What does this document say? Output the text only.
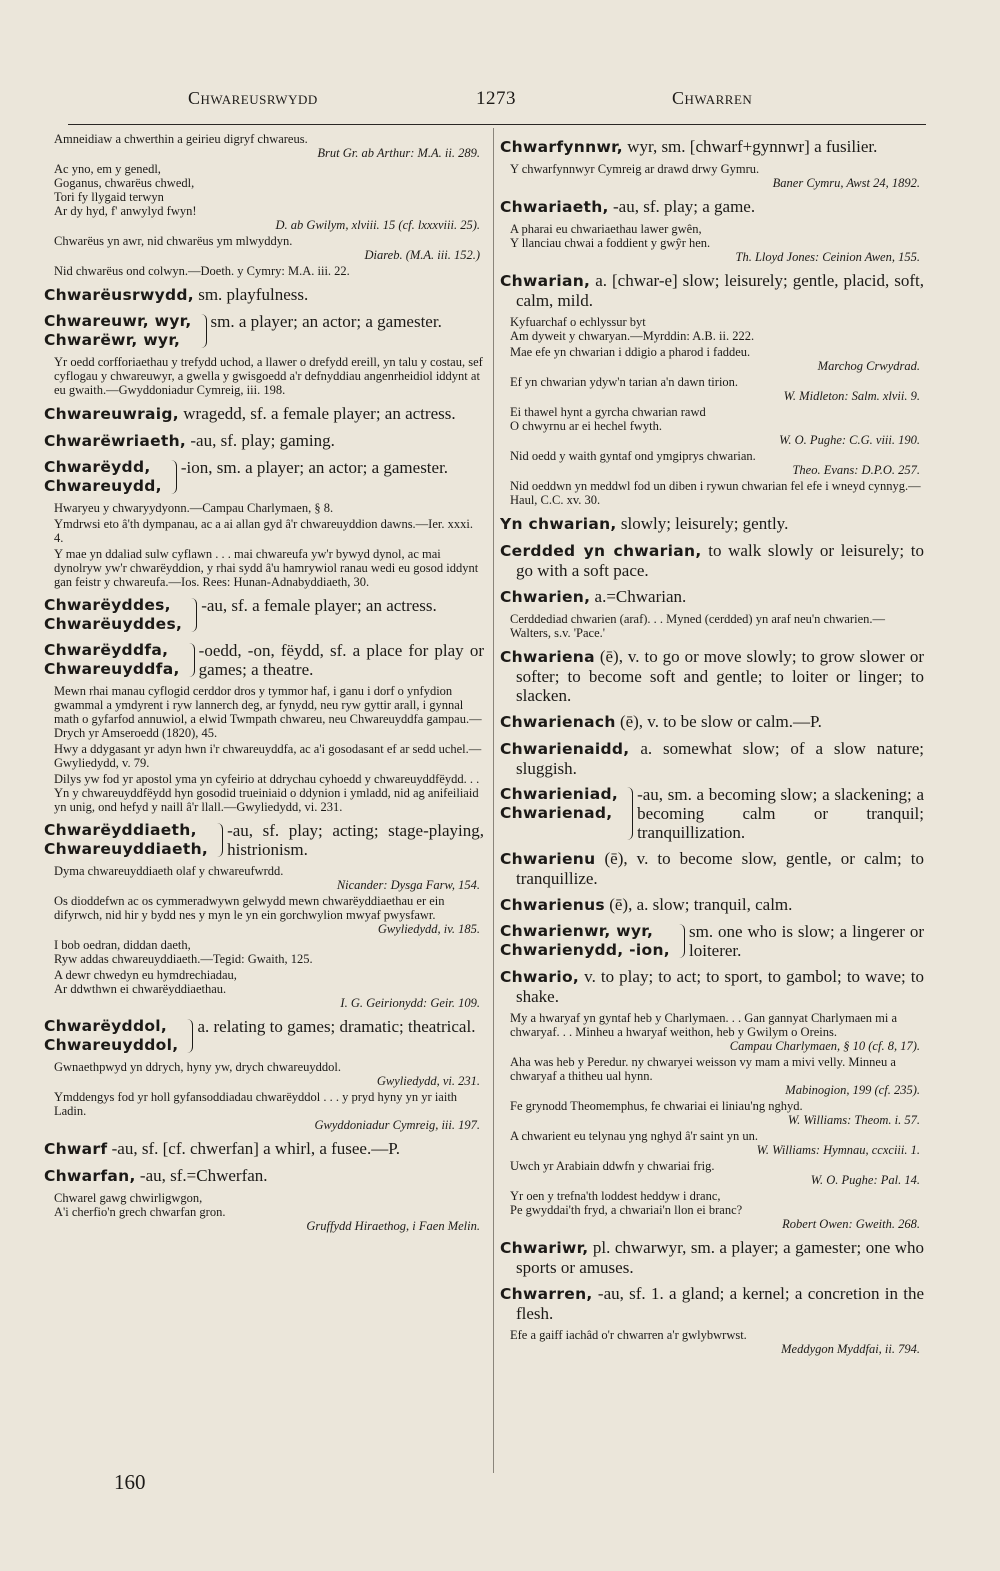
Chwareusrwydd	1273	Chwarren
Amneidiaw a chwerthin a geirieu digryf chwareus.
Brut Gr. ab Arthur: M.A. ii. 289.
Ac yno, em y genedl,
Goganus, chwarëus chwedl,
Tori fy llygaid terwyn
Ar dy hyd, f' anwylyd fwyn!
D. ab Gwilym, xlviii. 15 (cf. lxxxviii. 25).
Chwarëus yn awr, nid chwarëus ym mlwyddyn.
Diareb. (M.A. iii. 152.)
Nid chwarëus ond colwyn.—Doeth. y Cymry: M.A. iii. 22.
Chwarëusrwydd, sm. playfulness.
Chwareuwr, wyr,
Chwarëwr, wyr,
sm. a player; an actor; a gamester.
Yr oedd corfforiaethau y trefydd uchod, a llawer o drefydd ereill, yn talu y costau, sef cyflogau y chwareuwyr, a gwella y gwisgoedd a'r defnyddiau angenrheidiol iddynt at eu gwaith.—Gwyddoniadur Cymreig, iii. 198.
Chwareuwraig, wragedd, sf. a female player; an actress.
Chwarëwriaeth, -au, sf. play; gaming.
Chwarëydd,
Chwareuydd,
-ion, sm. a player; an actor; a gamester.
Hwaryeu y chwaryydyonn.—Campau Charlymaen, § 8.
Ymdrwsi eto â'th dympanau, ac a ai allan gyd â'r chwareuyddion dawns.—Ier. xxxi. 4.
Y mae yn ddaliad sulw cyflawn . . . mai chwareufa yw'r bywyd dynol, ac mai dynolryw yw'r chwarëyddion, y rhai sydd â'u hamrywiol ranau wedi eu gosod iddynt gan feistr y chwareufa.—Ios. Rees: Hunan-Adnabyddiaeth, 30.
Chwarëyddes,
Chwarëuyddes,
-au, sf. a female player; an actress.
Chwarëyddfa,
Chwareuyddfa,
-oedd, -on, fëydd, sf. a place for play or games; a theatre.
Mewn rhai manau cyflogid cerddor dros y tymmor haf, i ganu i dorf o ynfydion gwammal a ymdyrent i ryw lannerch deg, ar fynydd, neu ryw gyttir arall, i gynnal math o gyfarfod annuwiol, a elwid Twmpath chwareu, neu Chwareuyddfa gampau.—Drych yr Amseroedd (1820), 45.
Hwy a ddygasant yr adyn hwn i'r chwareuyddfa, ac a'i gosodasant ef ar sedd uchel.—Gwyliedydd, v. 79.
Dilys yw fod yr apostol yma yn cyfeirio at ddrychau cyhoedd y chwareuyddfëydd. . . Yn y chwareuyddfëydd hyn gosodid trueiniaid o ddynion i ymladd, nid ag anifeiliaid yn unig, ond hefyd y naill â'r llall.—Gwyliedydd, vi. 231.
Chwarëyddiaeth,
Chwareuyddiaeth,
-au, sf. play; acting; stage-playing, histrionism.
Dyma chwareuyddiaeth olaf y chwareufwrdd.
Nicander: Dysga Farw, 154.
Os dioddefwn ac os cymmeradwywn gelwydd mewn chwarëyddiaethau er ein difyrwch, nid hir y bydd nes y myn le yn ein gorchwylion mwyaf pwysfawr.
Gwyliedydd, iv. 185.
I bob oedran, diddan daeth,
Ryw addas chwareuyddiaeth.—Tegid: Gwaith, 125.
A dewr chwedyn eu hymdrechiadau,
Ar ddwthwn ei chwarëyddiaethau.
I. G. Geirionydd: Geir. 109.
Chwarëyddol,
Chwareuyddol,
a. relating to games; dramatic; theatrical.
Gwnaethpwyd yn ddrych, hyny yw, drych chwareuyddol.
Gwyliedydd, vi. 231.
Ymddengys fod yr holl gyfansoddiadau chwarëyddol . . . y pryd hyny yn yr iaith Ladin.
Gwyddoniadur Cymreig, iii. 197.
Chwarf -au, sf. [cf. chwerfan] a whirl, a fusee.—P.
Chwarfan, -au, sf.=Chwerfan.
Chwarel gawg chwirligwgon,
A'i cherfio'n grech chwarfan gron.
Gruffydd Hiraethog, i Faen Melin.
Chwarfynnwr, wyr, sm. [chwarf+gynnwr] a fusilier.
Y chwarfynnwyr Cymreig ar drawd drwy Gymru.
Baner Cymru, Awst 24, 1892.
Chwariaeth, -au, sf. play; a game.
A pharai eu chwariaethau lawer gwên,
Y llanciau chwai a foddient y gwŷr hen.
Th. Lloyd Jones: Ceinion Awen, 155.
Chwarian, a. [chwar-e] slow; leisurely; gentle, placid, soft, calm, mild.
Kyfuarchaf o echlyssur byt
Am dyweit y chwaryan.—Myrddin: A.B. ii. 222.
Mae efe yn chwarian i ddigio a pharod i faddeu.
Marchog Crwydrad.
Ef yn chwarian ydyw'n tarian a'n dawn tirion.
W. Midleton: Salm. xlvii. 9.
Ei thawel hynt a gyrcha chwarian rawd
O chwyrnu ar ei hechel fwyth.
W. O. Pughe: C.G. viii. 190.
Nid oedd y waith gyntaf ond ymgiprys chwarian.
Theo. Evans: D.P.O. 257.
Nid oeddwn yn meddwl fod un diben i rywun chwarian fel efe i wneyd cynnyg.—Haul, C.C. xv. 30.
Yn chwarian, slowly; leisurely; gently.
Cerdded yn chwarian, to walk slowly or leisurely; to go with a soft pace.
Chwarien, a.=Chwarian.
Cerddediad chwarien (araf). . . Myned (cerdded) yn araf neu'n chwarien.—Walters, s.v. 'Pace.'
Chwariena (ē), v. to go or move slowly; to grow slower or softer; to become soft and gentle; to loiter or linger; to slacken.
Chwarienach (ē), v. to be slow or calm.—P.
Chwarienaidd, a. somewhat slow; of a slow nature; sluggish.
Chwarieniad,
Chwarienad,
-au, sm. a becoming slow; a slackening; a becoming calm or tranquil; tranquillization.
Chwarienu (ē), v. to become slow, gentle, or calm; to tranquillize.
Chwarienus (ē), a. slow; tranquil, calm.
Chwarienwr, wyr,
Chwarienydd, -ion,
sm. one who is slow; a lingerer or loiterer.
Chwario, v. to play; to act; to sport, to gambol; to wave; to shake.
My a hwaryaf yn gyntaf heb y Charlymaen. . . Gan gannyat Charlymaen mi a chwaryaf. . . Minheu a hwaryaf weithon, heb y Gwilym o Oreins.
Campau Charlymaen, § 10 (cf. 8, 17).
Aha was heb y Peredur. ny chwaryei weisson vy mam a mivi velly. Minneu a chwaryaf a thitheu ual hynn.
Mabinogion, 199 (cf. 235).
Fe grynodd Theomemphus, fe chwariai ei liniau'ng nghyd.
W. Williams: Theom. i. 57.
A chwarient eu telynau yng nghyd â'r saint yn un.
W. Williams: Hymnau, ccxciii. 1.
Uwch yr Arabiain ddwfn y chwariai frig.
W. O. Pughe: Pal. 14.
Yr oen y trefna'th loddest heddyw i dranc,
Pe gwyddai'th fryd, a chwariai'n llon ei branc?
Robert Owen: Gweith. 268.
Chwariwr, pl. chwarwyr, sm. a player; a gamester; one who sports or amuses.
Chwarren, -au, sf. 1. a gland; a kernel; a concretion in the flesh.
Efe a gaiff iachâd o'r chwarren a'r gwlybwrwst.
Meddygon Myddfai, ii. 794.
160
